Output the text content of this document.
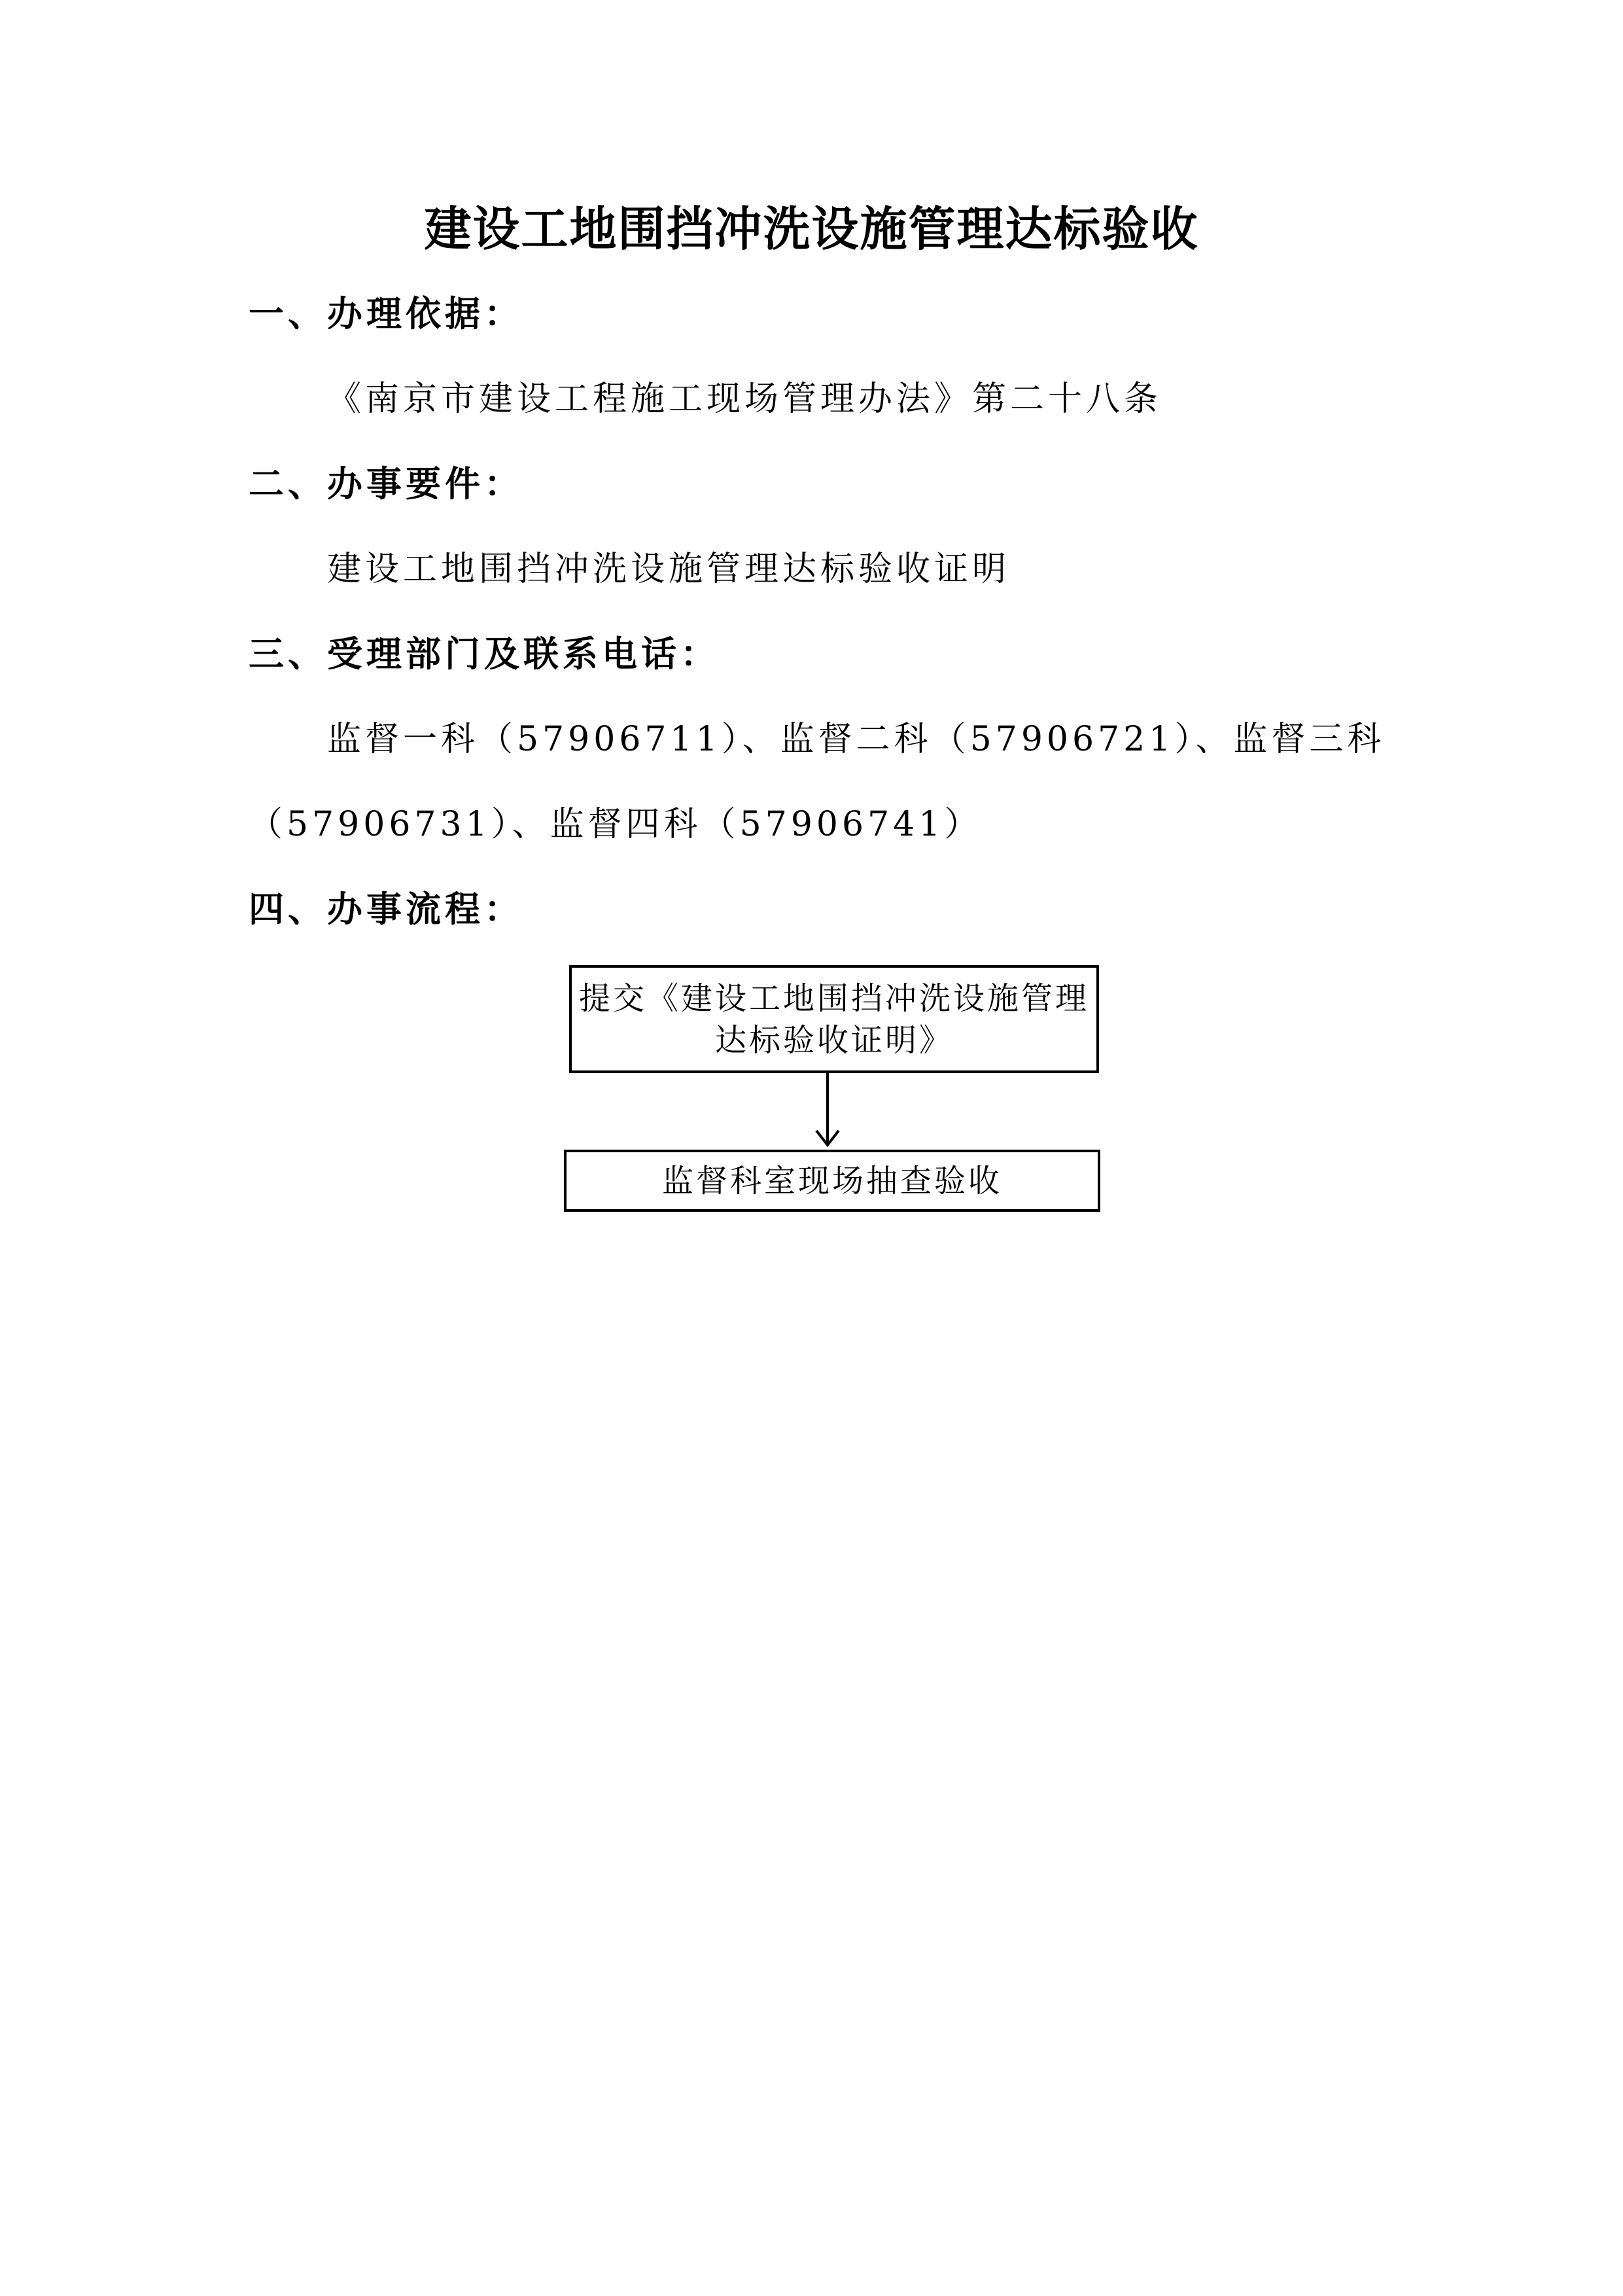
建设工地围挡冲洗设施管理达标验收
一、办理依据：
《南京市建设工程施工现场管理办法》第二十八条
二、办事要件：
建设工地围挡冲洗设施管理达标验收证明
三、受理部门及联系电话：
监督一科（57906711）、监督二科（57906721）、监督三科
（57906731）、监督四科（57906741）
四、办事流程：
提交《建设工地围挡冲洗设施管理
达标验收证明》
监督科室现场抽查验收
